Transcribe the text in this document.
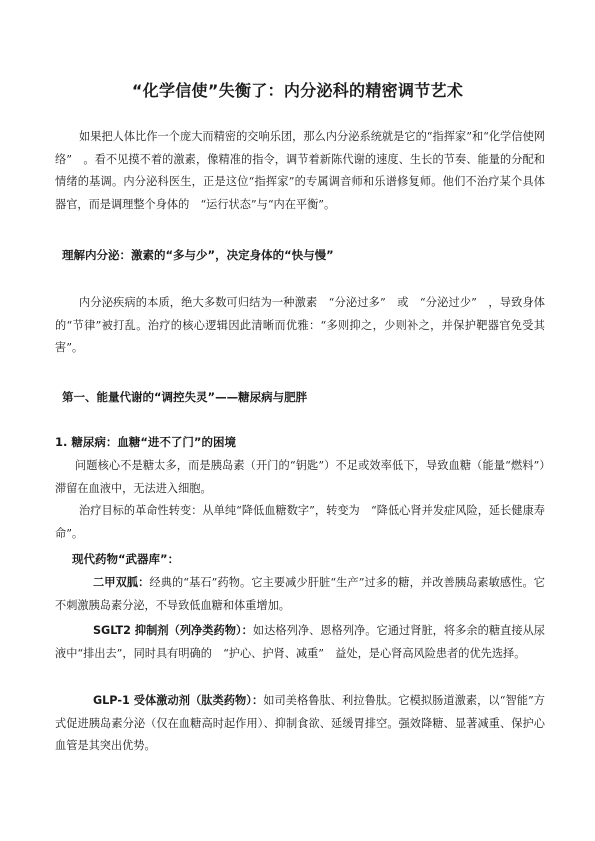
“化学信使”失衡了：内分泌科的精密调节艺术
如果把人体比作一个庞大而精密的交响乐团，那么内分泌系统就是它的“指挥家”和“化学信使网络”　。看不见摸不着的激素，像精准的指令，调节着新陈代谢的速度、生长的节奏、能量的分配和情绪的基调。内分泌科医生，正是这位“指挥家”的专属调音师和乐谱修复师。他们不治疗某个具体器官，而是调理整个身体的　“运行状态”与“内在平衡”。
理解内分泌：激素的“多与少”，决定身体的“快与慢”
内分泌疾病的本质，绝大多数可归结为一种激素　“分泌过多”　或　“分泌过少”　，导致身体的“节律”被打乱。治疗的核心逻辑因此清晰而优雅：“多则抑之，少则补之，并保护靶器官免受其害”。
第一、能量代谢的“调控失灵”——糖尿病与肥胖
1. 糖尿病：血糖“进不了门”的困境
问题核心不是糖太多，而是胰岛素（开门的“钥匙”）不足或效率低下，导致血糖（能量“燃料”）滞留在血液中，无法进入细胞。
治疗目标的革命性转变：从单纯“降低血糖数字”，转变为　“降低心肾并发症风险，延长健康寿命”。
现代药物“武器库”：
二甲双胍：经典的“基石”药物。它主要减少肝脏“生产”过多的糖，并改善胰岛素敏感性。它不刺激胰岛素分泌，不导致低血糖和体重增加。
SGLT2 抑制剂（列净类药物）：如达格列净、恩格列净。它通过肾脏，将多余的糖直接从尿液中“排出去”，同时具有明确的　“护心、护肾、减重”　益处，是心肾高风险患者的优先选择。
GLP-1 受体激动剂（肽类药物）：如司美格鲁肽、利拉鲁肽。它模拟肠道激素，以“智能”方式促进胰岛素分泌（仅在血糖高时起作用）、抑制食欲、延缓胃排空。强效降糖、显著减重、保护心血管是其突出优势。
